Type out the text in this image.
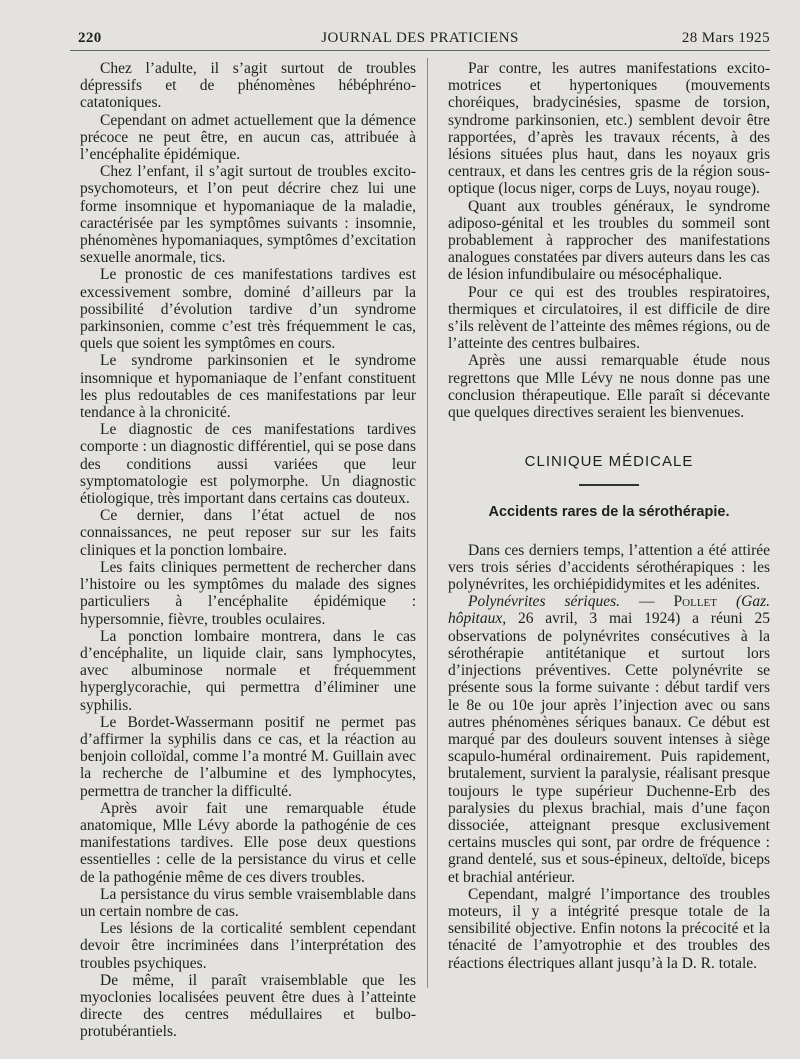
220	JOURNAL DES PRATICIENS	28 Mars 1925

Chez l’adulte, il s’agit surtout de troubles dépressifs et de phénomènes hébéphréno-catatoniques.

Cependant on admet actuellement que la démence précoce ne peut être, en aucun cas, attribuée à l’encéphalite épidémique.

Chez l’enfant, il s’agit surtout de troubles excito-psychomoteurs, et l’on peut décrire chez lui une forme insomnique et hypomaniaque de la maladie, caractérisée par les symptômes suivants : insomnie, phénomènes hypomaniaques, symptômes d’excitation sexuelle anormale, tics.

Le pronostic de ces manifestations tardives est excessivement sombre, dominé d’ailleurs par la possibilité d’évolution tardive d’un syndrome parkinsonien, comme c’est très fréquemment le cas, quels que soient les symptômes en cours.

Le syndrome parkinsonien et le syndrome insomnique et hypomaniaque de l’enfant constituent les plus redoutables de ces manifestations par leur tendance à la chronicité.

Le diagnostic de ces manifestations tardives comporte : un diagnostic différentiel, qui se pose dans des conditions aussi variées que leur symptomatologie est polymorphe. Un diagnostic étiologique, très important dans certains cas douteux.

Ce dernier, dans l’état actuel de nos connaissances, ne peut reposer sur sur les faits cliniques et la ponction lombaire.

Les faits cliniques permettent de rechercher dans l’histoire ou les symptômes du malade des signes particuliers à l’encéphalite épidémique : hypersomnie, fièvre, troubles oculaires.

La ponction lombaire montrera, dans le cas d’encéphalite, un liquide clair, sans lymphocytes, avec albuminose normale et fréquemment hyperglycorachie, qui permettra d’éliminer une syphilis.

Le Bordet-Wassermann positif ne permet pas d’affirmer la syphilis dans ce cas, et la réaction au benjoin colloïdal, comme l’a montré M. Guillain avec la recherche de l’albumine et des lymphocytes, permettra de trancher la difficulté.

Après avoir fait une remarquable étude anatomique, Mlle Lévy aborde la pathogénie de ces manifestations tardives. Elle pose deux questions essentielles : celle de la persistance du virus et celle de la pathogénie même de ces divers troubles.

La persistance du virus semble vraisemblable dans un certain nombre de cas.

Les lésions de la corticalité semblent cependant devoir être incriminées dans l’interprétation des troubles psychiques.

De même, il paraît vraisemblable que les myoclonies localisées peuvent être dues à l’atteinte directe des centres médullaires et bulbo-protubérantiels.

Par contre, les autres manifestations excito-motrices et hypertoniques (mouvements choréiques, bradycinésies, spasme de torsion, syndrome parkinsonien, etc.) semblent devoir être rapportées, d’après les travaux récents, à des lésions situées plus haut, dans les noyaux gris centraux, et dans les centres gris de la région sous-optique (locus niger, corps de Luys, noyau rouge).

Quant aux troubles généraux, le syndrome adiposo-génital et les troubles du sommeil sont probablement à rapprocher des manifestations analogues constatées par divers auteurs dans les cas de lésion infundibulaire ou mésocéphalique.

Pour ce qui est des troubles respiratoires, thermiques et circulatoires, il est difficile de dire s’ils relèvent de l’atteinte des mêmes régions, ou de l’atteinte des centres bulbaires.

Après une aussi remarquable étude nous regrettons que Mlle Lévy ne nous donne pas une conclusion thérapeutique. Elle paraît si décevante que quelques directives seraient les bienvenues.

CLINIQUE MÉDICALE

Accidents rares de la sérothérapie.

Dans ces derniers temps, l’attention a été attirée vers trois séries d’accidents sérothérapiques : les polynévrites, les orchiépididymites et les adénites.

Polynévrites sériques. — Pollet (Gaz. hôpitaux, 26 avril, 3 mai 1924) a réuni 25 observations de polynévrites consécutives à la sérothérapie antitétanique et surtout lors d’injections préventives. Cette polynévrite se présente sous la forme suivante : début tardif vers le 8e ou 10e jour après l’injection avec ou sans autres phénomènes sériques banaux. Ce début est marqué par des douleurs souvent intenses à siège scapulo-huméral ordinairement. Puis rapidement, brutalement, survient la paralysie, réalisant presque toujours le type supérieur Duchenne-Erb des paralysies du plexus brachial, mais d’une façon dissociée, atteignant presque exclusivement certains muscles qui sont, par ordre de fréquence : grand dentelé, sus et sous-épineux, deltoïde, biceps et brachial antérieur.

Cependant, malgré l’importance des troubles moteurs, il y a intégrité presque totale de la sensibilité objective. Enfin notons la précocité et la ténacité de l’amyotrophie et des troubles des réactions électriques allant jusqu’à la D. R. totale.
